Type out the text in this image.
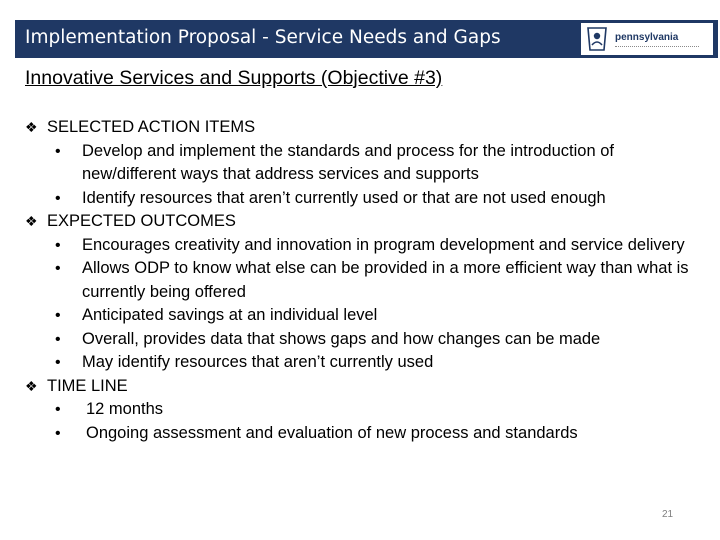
Implementation Proposal - Service Needs and Gaps	pennsylvania
Innovative Services and Supports (Objective #3)
❖ SELECTED ACTION ITEMS
•	Develop and implement the standards and process for the introduction of new/different ways that address services and supports
•	Identify resources that aren’t currently used or that are not used enough
❖ EXPECTED OUTCOMES
•	Encourages creativity and innovation in program development and service delivery
•	Allows ODP to know what else can be provided in a more efficient way than what is currently being offered
•	Anticipated savings at an individual level
•	Overall, provides data that shows gaps and how changes can be made
•	May identify resources that aren’t currently used
❖ TIME LINE
•	12 months
•	Ongoing assessment and evaluation of new process and standards
21
